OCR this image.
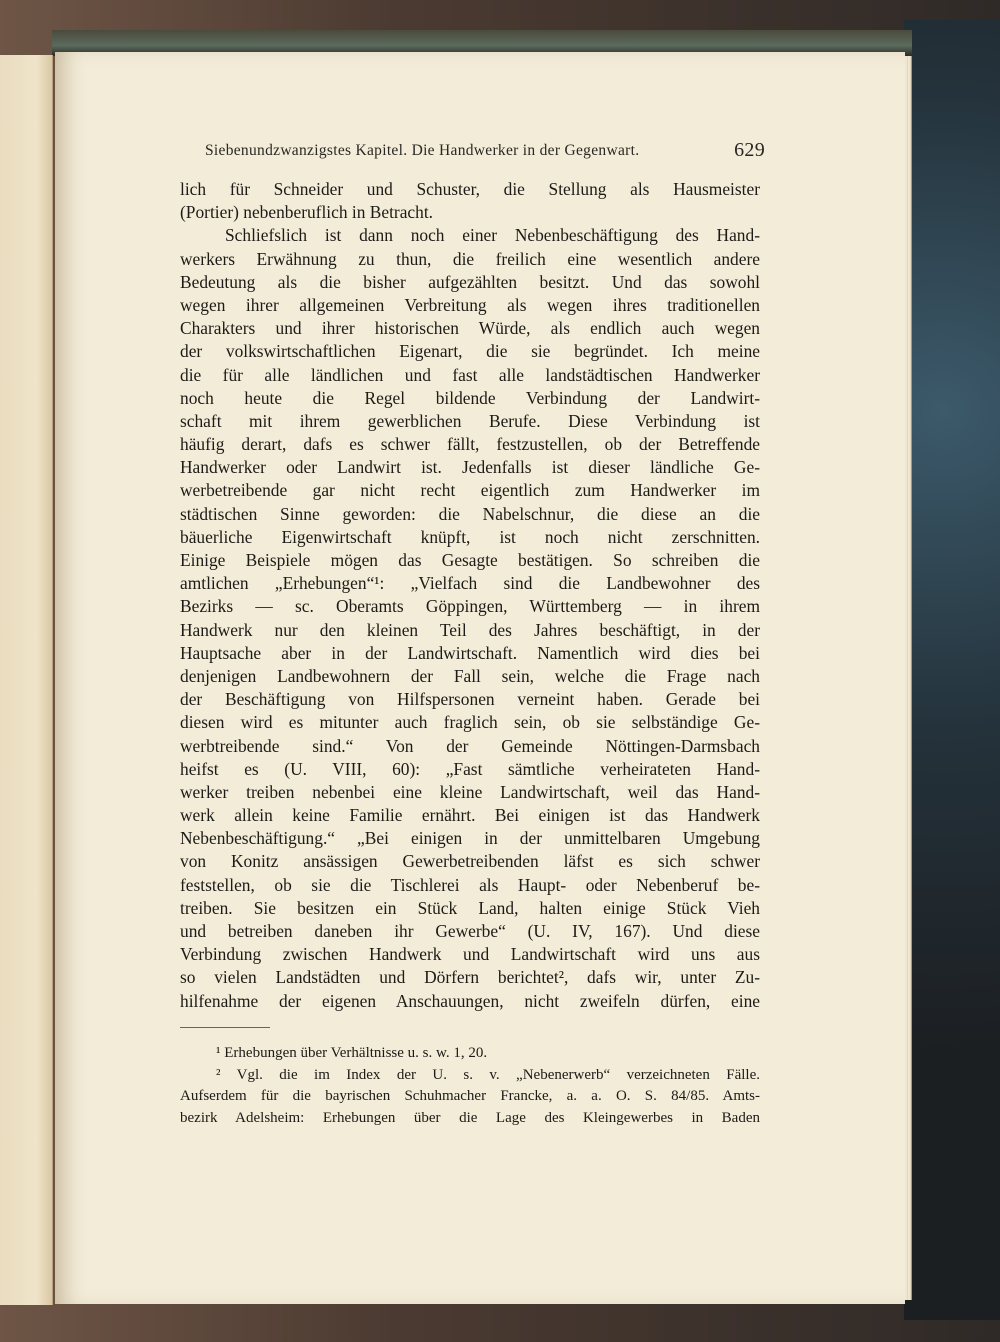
Siebenundzwanzigstes Kapitel. Die Handwerker in der Gegenwart.	629
lich für Schneider und Schuster, die Stellung als Hausmeister
(Portier) nebenberuflich in Betracht.
Schliefslich ist dann noch einer Nebenbeschäftigung des Hand-
werkers Erwähnung zu thun, die freilich eine wesentlich andere
Bedeutung als die bisher aufgezählten besitzt. Und das sowohl
wegen ihrer allgemeinen Verbreitung als wegen ihres traditionellen
Charakters und ihrer historischen Würde, als endlich auch wegen
der volkswirtschaftlichen Eigenart, die sie begründet. Ich meine
die für alle ländlichen und fast alle landstädtischen Handwerker
noch heute die Regel bildende Verbindung der Landwirt-
schaft mit ihrem gewerblichen Berufe. Diese Verbindung ist
häufig derart, dafs es schwer fällt, festzustellen, ob der Betreffende
Handwerker oder Landwirt ist. Jedenfalls ist dieser ländliche Ge-
werbetreibende gar nicht recht eigentlich zum Handwerker im
städtischen Sinne geworden: die Nabelschnur, die diese an die
bäuerliche Eigenwirtschaft knüpft, ist noch nicht zerschnitten.
Einige Beispiele mögen das Gesagte bestätigen. So schreiben die
amtlichen „Erhebungen“¹: „Vielfach sind die Landbewohner des
Bezirks — sc. Oberamts Göppingen, Württemberg — in ihrem
Handwerk nur den kleinen Teil des Jahres beschäftigt, in der
Hauptsache aber in der Landwirtschaft. Namentlich wird dies bei
denjenigen Landbewohnern der Fall sein, welche die Frage nach
der Beschäftigung von Hilfspersonen verneint haben. Gerade bei
diesen wird es mitunter auch fraglich sein, ob sie selbständige Ge-
werbtreibende sind.“ Von der Gemeinde Nöttingen-Darmsbach
heifst es (U. VIII, 60): „Fast sämtliche verheirateten Hand-
werker treiben nebenbei eine kleine Landwirtschaft, weil das Hand-
werk allein keine Familie ernährt. Bei einigen ist das Handwerk
Nebenbeschäftigung.“ „Bei einigen in der unmittelbaren Umgebung
von Konitz ansässigen Gewerbetreibenden läfst es sich schwer
feststellen, ob sie die Tischlerei als Haupt- oder Nebenberuf be-
treiben. Sie besitzen ein Stück Land, halten einige Stück Vieh
und betreiben daneben ihr Gewerbe“ (U. IV, 167). Und diese
Verbindung zwischen Handwerk und Landwirtschaft wird uns aus
so vielen Landstädten und Dörfern berichtet², dafs wir, unter Zu-
hilfenahme der eigenen Anschauungen, nicht zweifeln dürfen, eine
¹ Erhebungen über Verhältnisse u. s. w. 1, 20.
² Vgl. die im Index der U. s. v. „Nebenerwerb“ verzeichneten Fälle.
Aufserdem für die bayrischen Schuhmacher Francke, a. a. O. S. 84/85. Amts-
bezirk Adelsheim: Erhebungen über die Lage des Kleingewerbes in Baden
